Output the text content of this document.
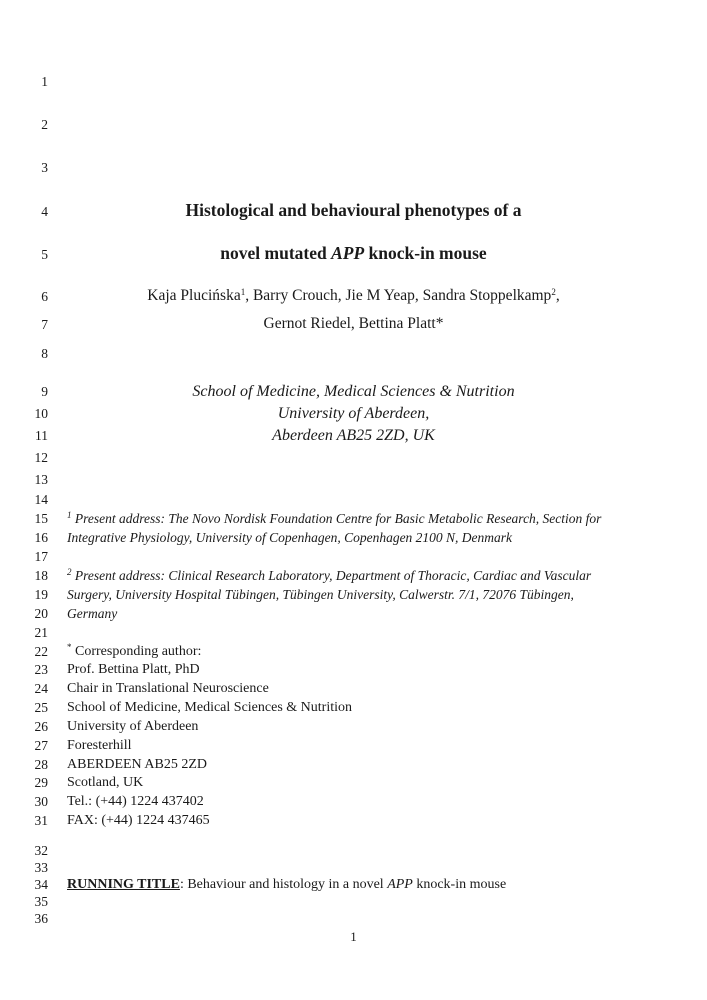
1
2
3
4
5
6
7
8
9
10
11
12
13
14
15
16
17
18
19
20
21
22
23
24
25
26
27
28
29
30
31
32
33
34
35
36
Histological and behavioural phenotypes of a
novel mutated APP knock-in mouse
Kaja Plucińska$^1$, Barry Crouch, Jie M Yeap, Sandra Stoppelkamp$^2$,
Gernot Riedel, Bettina Platt*
School of Medicine, Medical Sciences & Nutrition
University of Aberdeen,
Aberdeen AB25 2ZD, UK
$^1$ Present address: The Novo Nordisk Foundation Centre for Basic Metabolic Research, Section for
Integrative Physiology, University of Copenhagen, Copenhagen 2100 N, Denmark
$^2$ Present address: Clinical Research Laboratory, Department of Thoracic, Cardiac and Vascular
Surgery, University Hospital Tübingen, Tübingen University, Calwerstr. 7/1, 72076 Tübingen,
Germany
* Corresponding author:
Prof. Bettina Platt, PhD
Chair in Translational Neuroscience
School of Medicine, Medical Sciences & Nutrition
University of Aberdeen
Foresterhill
ABERDEEN AB25 2ZD
Scotland, UK
Tel.: (+44) 1224 437402
FAX: (+44) 1224 437465
RUNNING TITLE: Behaviour and histology in a novel APP knock-in mouse
1
